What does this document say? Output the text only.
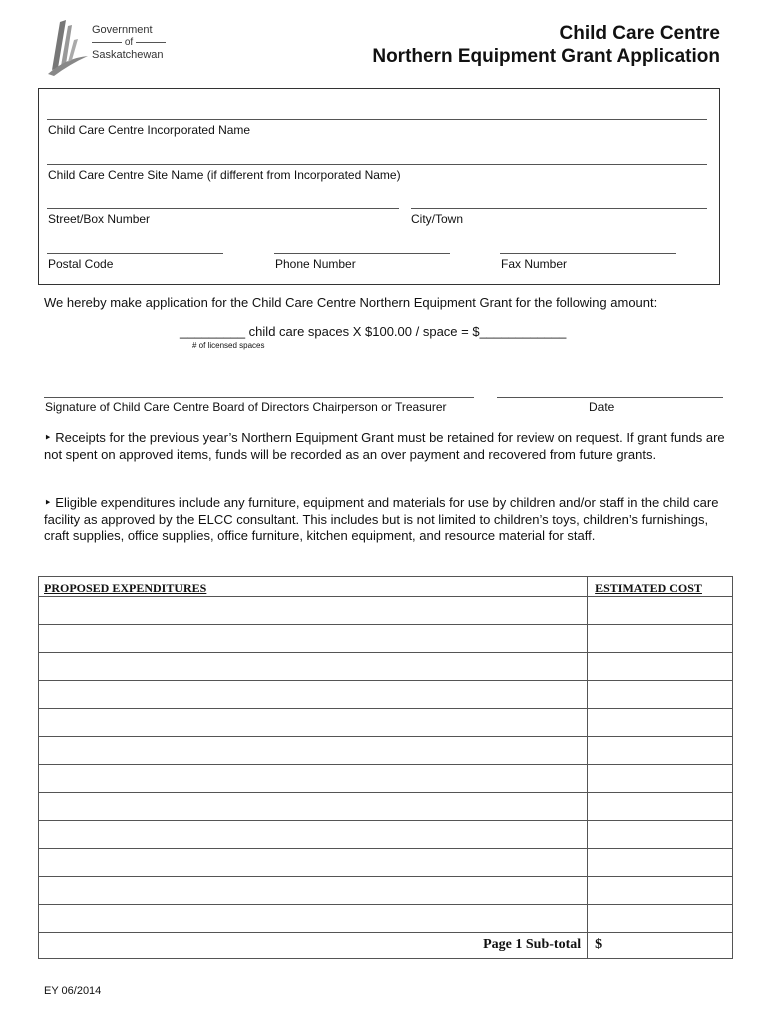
Government
of
Saskatchewan
Child Care Centre
Northern Equipment Grant Application
Child Care Centre Incorporated Name
Child Care Centre Site Name (if different from Incorporated Name)
Street/Box Number	City/Town
Postal Code	Phone Number	Fax Number
We hereby make application for the Child Care Centre Northern Equipment Grant for the following amount:
_________ child care spaces X $100.00 / space = $____________
# of licensed spaces
Signature of Child Care Centre Board of Directors Chairperson or Treasurer	Date
‣ Receipts for the previous year’s Northern Equipment Grant must be retained for review on request. If grant funds are not spent on approved items, funds will be recorded as an over payment and recovered from future grants.
‣ Eligible expenditures include any furniture, equipment and materials for use by children and/or staff in the child care facility as approved by the ELCC consultant. This includes but is not limited to children’s toys, children’s furnishings, craft supplies, office supplies, office furniture, kitchen equipment, and resource material for staff.
PROPOSED EXPENDITURES	ESTIMATED COST

Page 1 Sub-total	$
EY 06/2014
